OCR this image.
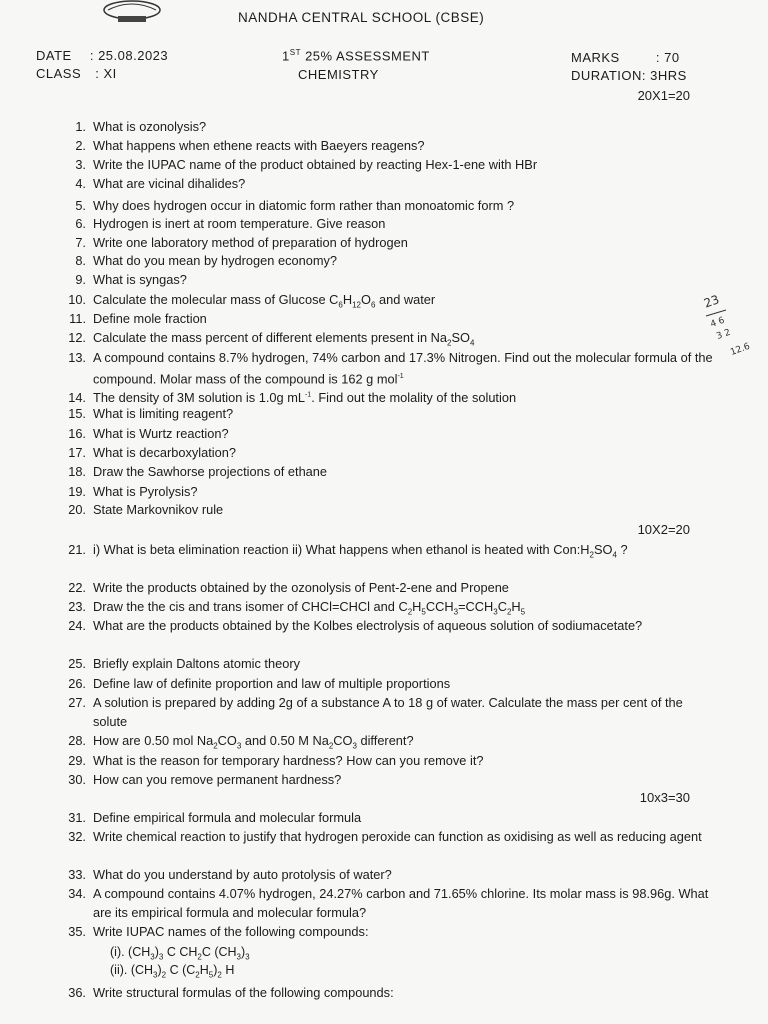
NANDHA CENTRAL SCHOOL (CBSE)
DATE : 25.08.2023
CLASS : XI
1ST 25% ASSESSMENT
CHEMISTRY
MARKS	: 70
DURATION: 3HRS
20X1=20
10X2=20
10x3=30
1. What is ozonolysis?
2. What happens when ethene reacts with Baeyers reagens?
3. Write the IUPAC name of the product obtained by reacting Hex-1-ene with HBr
4. What are vicinal dihalides?
5. Why does hydrogen occur in diatomic form rather than monoatomic form ?
6. Hydrogen is inert at room temperature. Give reason
7. Write one laboratory method of preparation of hydrogen
8. What do you mean by hydrogen economy?
9. What is syngas?
10. Calculate the molecular mass of Glucose $C_6H_{12}O_6$ and water
11. Define mole fraction
12. Calculate the mass percent of different elements present in $Na_2SO_4$
13. A compound contains 8.7% hydrogen, 74% carbon and 17.3% Nitrogen. Find out the molecular formula of the compound. Molar mass of the compound is 162 g mol$^{-1}$
14. The density of 3M solution is 1.0g $mL^{-1}$. Find out the molality of the solution
15. What is limiting reagent?
16. What is Wurtz reaction?
17. What is decarboxylation?
18. Draw the Sawhorse projections of ethane
19. What is Pyrolysis?
20. State Markovnikov rule
21. i) What is beta elimination reaction ii) What happens when ethanol is heated with $Con:H_2SO_4$ ?
22. Write the products obtained by the ozonolysis of Pent-2-ene and Propene
23. Draw the the cis and trans isomer of CHCl=CHCl and $C_2H_5CCH_3=CCH_3C_2H_5$
24. What are the products obtained by the Kolbes electrolysis of aqueous solution of sodiumacetate?
25. Briefly explain Daltons atomic theory
26. Define law of definite proportion and law of multiple proportions
27. A solution is prepared by adding 2g of a substance A to 18 g of water. Calculate the mass per cent of the solute
28. How are 0.50 mol $Na_2CO_3$ and 0.50 M $Na_2CO_3$ different?
29. What is the reason for temporary hardness? How can you remove it?
30. How can you remove permanent hardness?
31. Define empirical formula and molecular formula
32. Write chemical reaction to justify that hydrogen peroxide can function as oxidising as well as reducing agent
33. What do you understand by auto protolysis of water?
34. A compound contains 4.07% hydrogen, 24.27% carbon and 71.65% chlorine. Its molar mass is 98.96g. What are its empirical formula and molecular formula?
35. Write IUPAC names of the following compounds:
36. Write structural formulas of the following compounds:
(i). $(CH_3)_3$ C $CH_2C$ $(CH_3)_3$
(ii). $(CH_3)_2$ C $(C_2H_5)_2$ H
23
4 6
3 2
12.6
